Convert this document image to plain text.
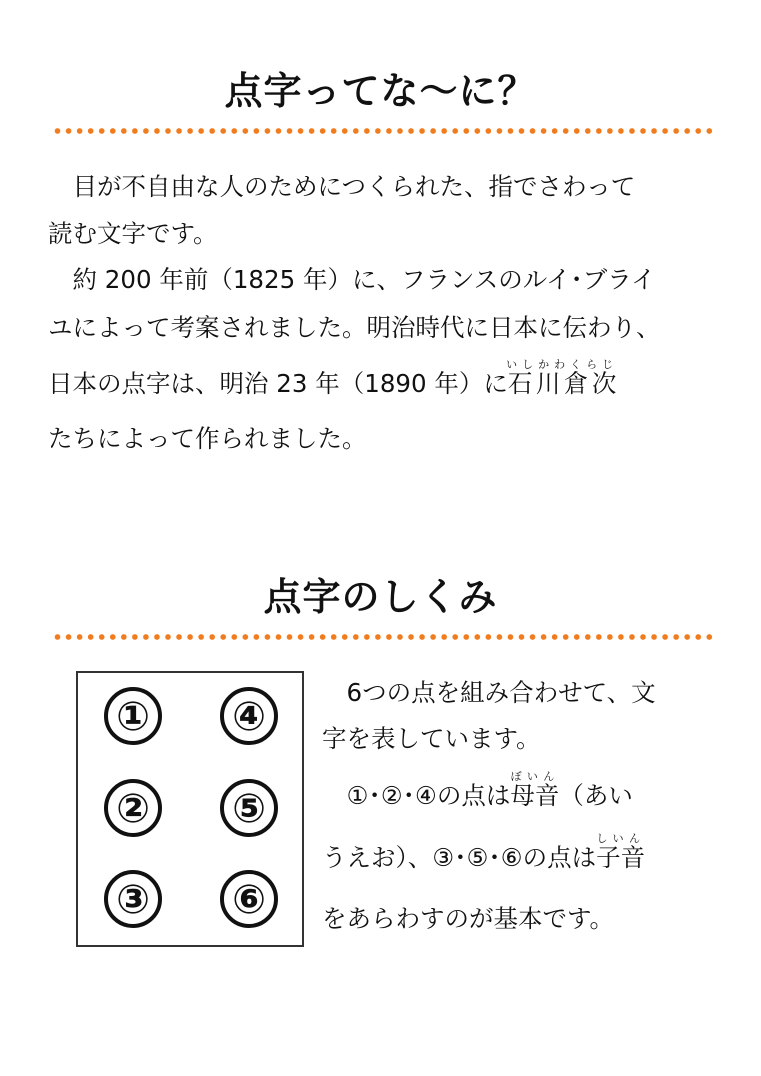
点字ってな～に？
　目が不自由な人のためにつくられた、指でさわって
読む文字です。
　約 200 年前（1825 年）に、フランスのルイ･ブライ
ユによって考案されました。明治時代に日本に伝わり、
日本の点字は、明治 23 年（1890 年）に石川倉次いしかわくらじ
たちによって作られました。
点字のしくみ
①
②
③
④
⑤
⑥
　6つの点を組み合わせて、文
字を表しています。
　①･②･④の点は母音ぼいん（あい
うえお）、③･⑤･⑥の点は子音しいん
をあらわすのが基本です。
